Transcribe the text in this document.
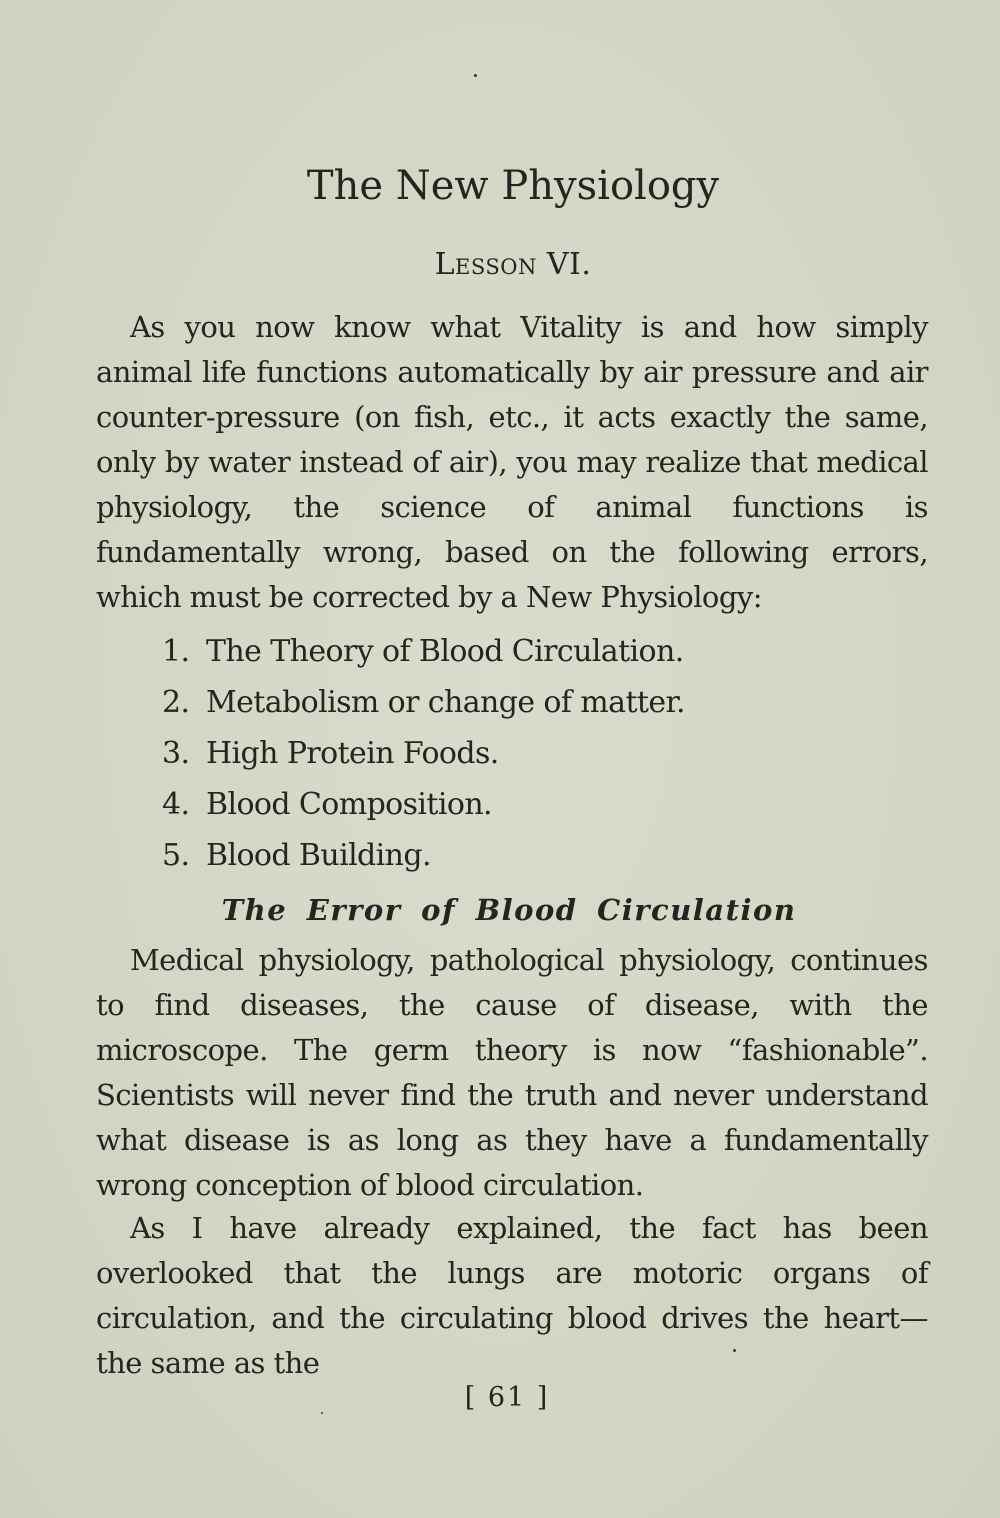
The New Physiology
Lesson VI.

As you now know what Vitality is and how simply animal life functions automatically by air pressure and air counter-pressure (on fish, etc., it acts exactly the same, only by water instead of air), you may realize that medical physiology, the science of animal functions is fundamentally wrong, based on the following errors, which must be corrected by a New Physiology:

1. The Theory of Blood Circulation.
2. Metabolism or change of matter.
3. High Protein Foods.
4. Blood Composition.
5. Blood Building.
The Error of Blood Circulation

Medical physiology, pathological physiology, continues to find diseases, the cause of disease, with the microscope. The germ theory is now “fashionable”. Scientists will never find the truth and never understand what disease is as long as they have a fundamentally wrong conception of blood circulation.

As I have already explained, the fact has been overlooked that the lungs are motoric organs of circulation, and the circulating blood drives the heart—the same as the

[ 61 ]
